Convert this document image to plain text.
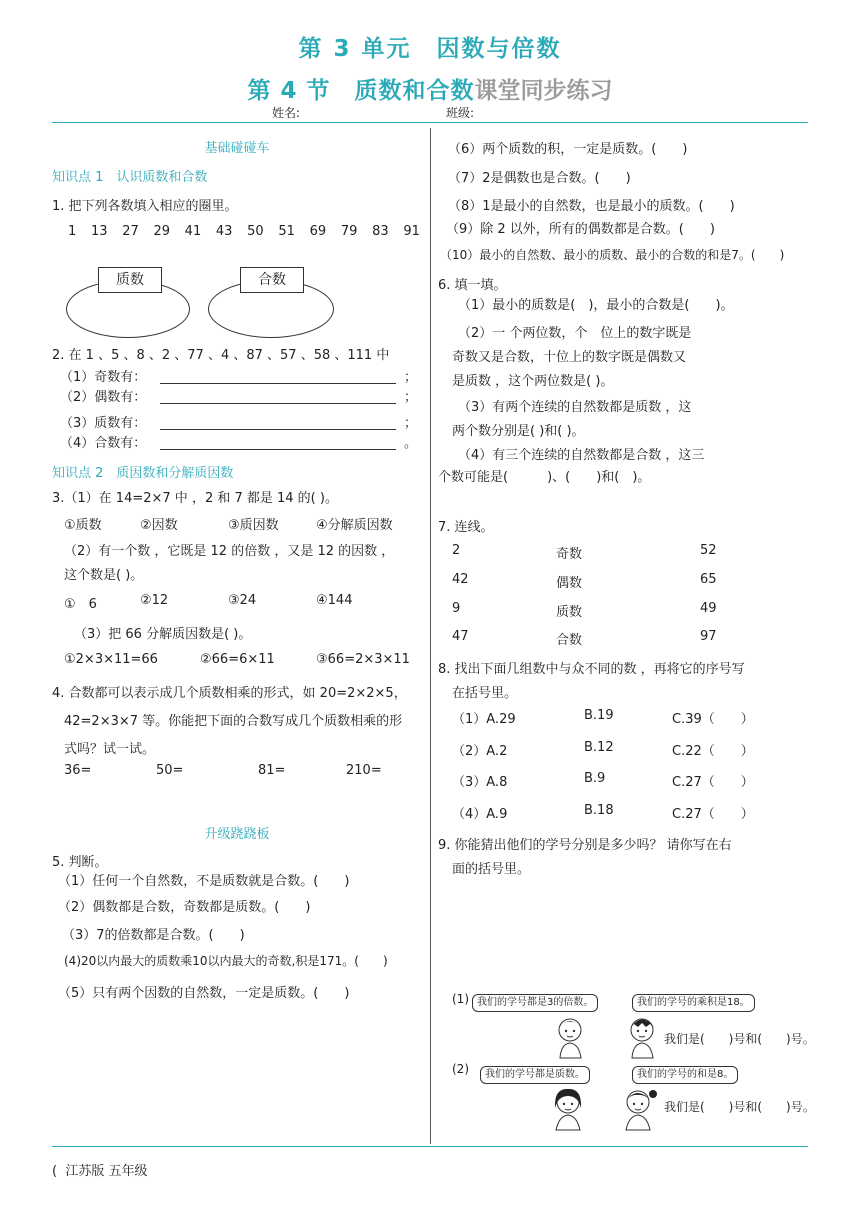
第 3 单元　因数与倍数
第 4 节　质数和合数课堂同步练习
姓名:	班级:
基础碰碰车
知识点 1　认识质数和合数
1. 把下列各数填入相应的圈里。
1 13 27 29 41 43 50 51 69 79 83 91
质数	合数
2. 在 1 、5 、8 、2 、77 、4 、87 、57 、58 、111 中
（1）奇数有：	；
（2）偶数有：	；
（3）质数有：	；
（4）合数有：	。
知识点 2　质因数和分解质因数
3.（1）在 14=2×7 中 ，2 和 7 都是 14 的( )。
①质数	②因数	③质因数	④分解质因数
（2）有一个数 ，它既是 12 的倍数 ，又是 12 的因数 ，
这个数是( )。
①　6	②12	③24	④144
（3）把 66 分解质因数是( )。
①2×3×11=66	②66=6×11	③66=2×3×11
4. 合数都可以表示成几个质数相乘的形式，如 20=2×2×5，
42=2×3×7 等。你能把下面的合数写成几个质数相乘的形
式吗？试一试。
36=	50=	81=	210=
升级跷跷板
5. 判断。
（1）任何一个自然数，不是质数就是合数。(　　)
（2）偶数都是合数，奇数都是质数。(　　)
（3）7的倍数都是合数。(　　)
(4)20以内最大的质数乘10以内最大的奇数,积是171。(　　)
（5）只有两个因数的自然数，一定是质数。(　　)
（6）两个质数的积，一定是质数。(　　)
（7）2是偶数也是合数。(　　)
（8）1是最小的自然数，也是最小的质数。(　　)
（9）除 2 以外，所有的偶数都是合数。(　　)
（10）最小的自然数、最小的质数、最小的合数的和是7。(　　)
6. 填一填。
（1）最小的质数是(　)，最小的合数是(　　)。
（2）一 个两位数，个　位上的数字既是
奇数又是合数，十位上的数字既是偶数又
是质数 ，这个两位数是( )。
（3）有两个连续的自然数都是质数 ，这
两个数分别是( )和( )。
（4）有三个连续的自然数都是合数 ，这三
个数可能是(　　　)、(　　)和(　)。
7. 连线。
2	奇数	52
42	偶数	65
9	质数	49
47	合数	97
8. 找出下面几组数中与众不同的数 ，再将它的序号写
在括号里。
（1）A.29	B.19	C.39（　　）
（2）A.2	B.12	C.22（　　）
（3）A.8	B.9	C.27（　　）
（4）A.9	B.18	C.27（　　）
9. 你能猜出他们的学号分别是多少吗？ 请你写在右
面的括号里。
(1) 我们的学号都是3的倍数。	我们的学号的乘积是18。
我们是(　　)号和(　　)号。
(2)	我们的学号都是质数。	我们的学号的和是8。
我们是(　　)号和(　　)号。
(  江苏版 五年级
